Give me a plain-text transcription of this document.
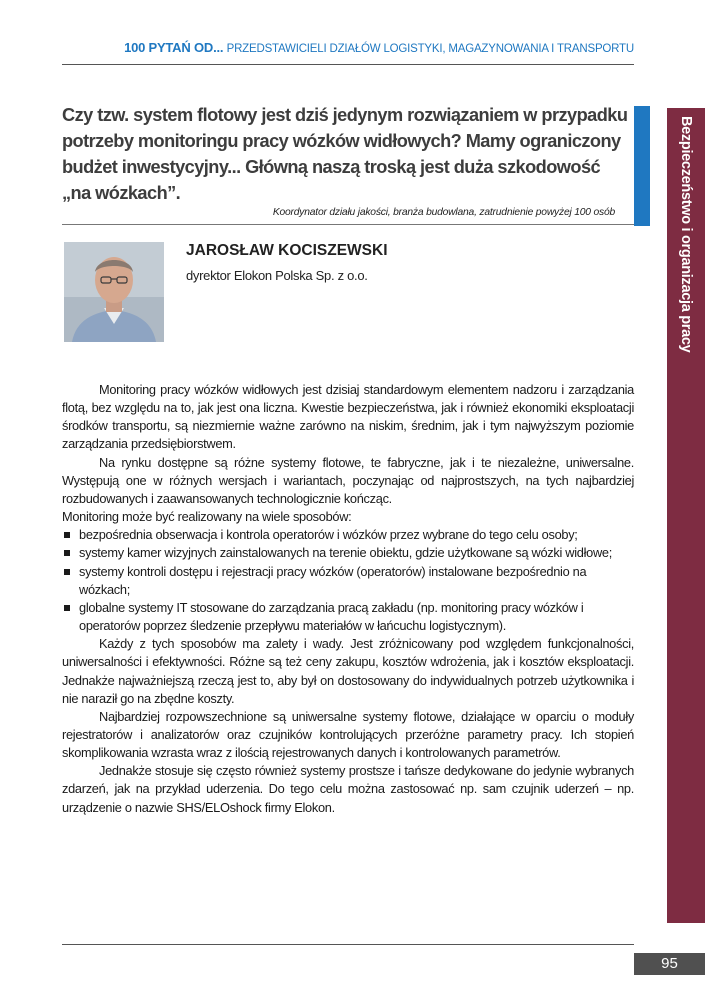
100 PYTAŃ OD... PRZEDSTAWICIELI DZIAŁÓW LOGISTYKI, MAGAZYNOWANIA I TRANSPORTU
Czy tzw. system flotowy jest dziś jedynym rozwiązaniem w przypadku potrzeby monitoringu pracy wózków widłowych? Mamy ograniczony budżet inwestycyjny... Główną naszą troską jest duża szkodowość „na wózkach”.
Koordynator działu jakości, branża budowlana, zatrudnienie powyżej 100 osób
JAROSŁAW KOCISZEWSKI
dyrektor Elokon Polska Sp. z o.o.	Bezpieczeństwo i organizacja pracy

Monitoring pracy wózków widłowych jest dzisiaj standardowym elementem nadzoru i zarządzania flotą, bez względu na to, jak jest ona liczna. Kwestie bezpieczeństwa, jak i również ekonomiki eksploatacji środków transportu, są niezmiernie ważne zarówno na niskim, średnim, jak i tym najwyższym poziomie zarządzania przedsiębiorstwem.

Na rynku dostępne są różne systemy flotowe, te fabryczne, jak i te niezależne, uniwersalne. Występują one w różnych wersjach i wariantach, poczynając od najprostszych, na tych najbardziej rozbudowanych i zaawansowanych technologicznie kończąc.

Monitoring może być realizowany na wiele sposobów:

bezpośrednia obserwacja i kontrola operatorów i wózków przez wybrane do tego celu osoby;
systemy kamer wizyjnych zainstalowanych na terenie obiektu, gdzie użytkowane są wózki widłowe;
systemy kontroli dostępu i rejestracji pracy wózków (operatorów) instalowane bezpośrednio na wózkach;
globalne systemy IT stosowane do zarządzania pracą zakładu (np. monitoring pracy wózków i operatorów poprzez śledzenie przepływu materiałów w łańcuchu logistycznym).

Każdy z tych sposobów ma zalety i wady. Jest zróżnicowany pod względem funkcjonalności, uniwersalności i efektywności. Różne są też ceny zakupu, kosztów wdrożenia, jak i kosztów eksploatacji. Jednakże najważniejszą rzeczą jest to, aby był on dostosowany do indywidualnych potrzeb użytkownika i nie naraził go na zbędne koszty.

Najbardziej rozpowszechnione są uniwersalne systemy flotowe, działające w oparciu o moduły rejestratorów i analizatorów oraz czujników kontrolujących przeróżne parametry pracy. Ich stopień skomplikowania wzrasta wraz z ilością rejestrowanych danych i kontrolowanych parametrów.

Jednakże stosuje się często również systemy prostsze i tańsze dedykowane do jedynie wybranych zdarzeń, jak na przykład uderzenia. Do tego celu można zastosować np. sam czujnik uderzeń – np. urządzenie o nazwie SHS/ELOshock firmy Elokon.

95
